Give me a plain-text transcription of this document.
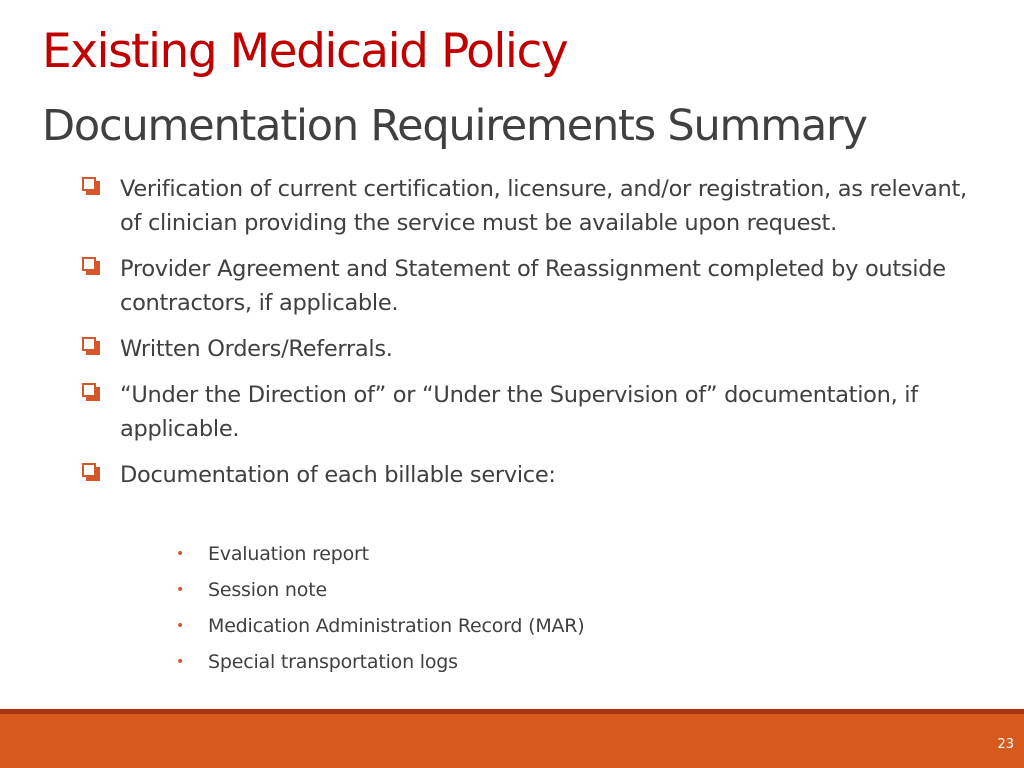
Existing Medicaid Policy
Documentation Requirements Summary
Verification of current certification, licensure, and/or registration, as relevant, of clinician providing the service must be available upon request.
Provider Agreement and Statement of Reassignment completed by outside contractors, if applicable.
Written Orders/Referrals.
“Under the Direction of” or “Under the Supervision of” documentation, if applicable.
Documentation of each billable service:
•	Evaluation report
•	Session note
•	Medication Administration Record (MAR)
•	Special transportation logs
23
